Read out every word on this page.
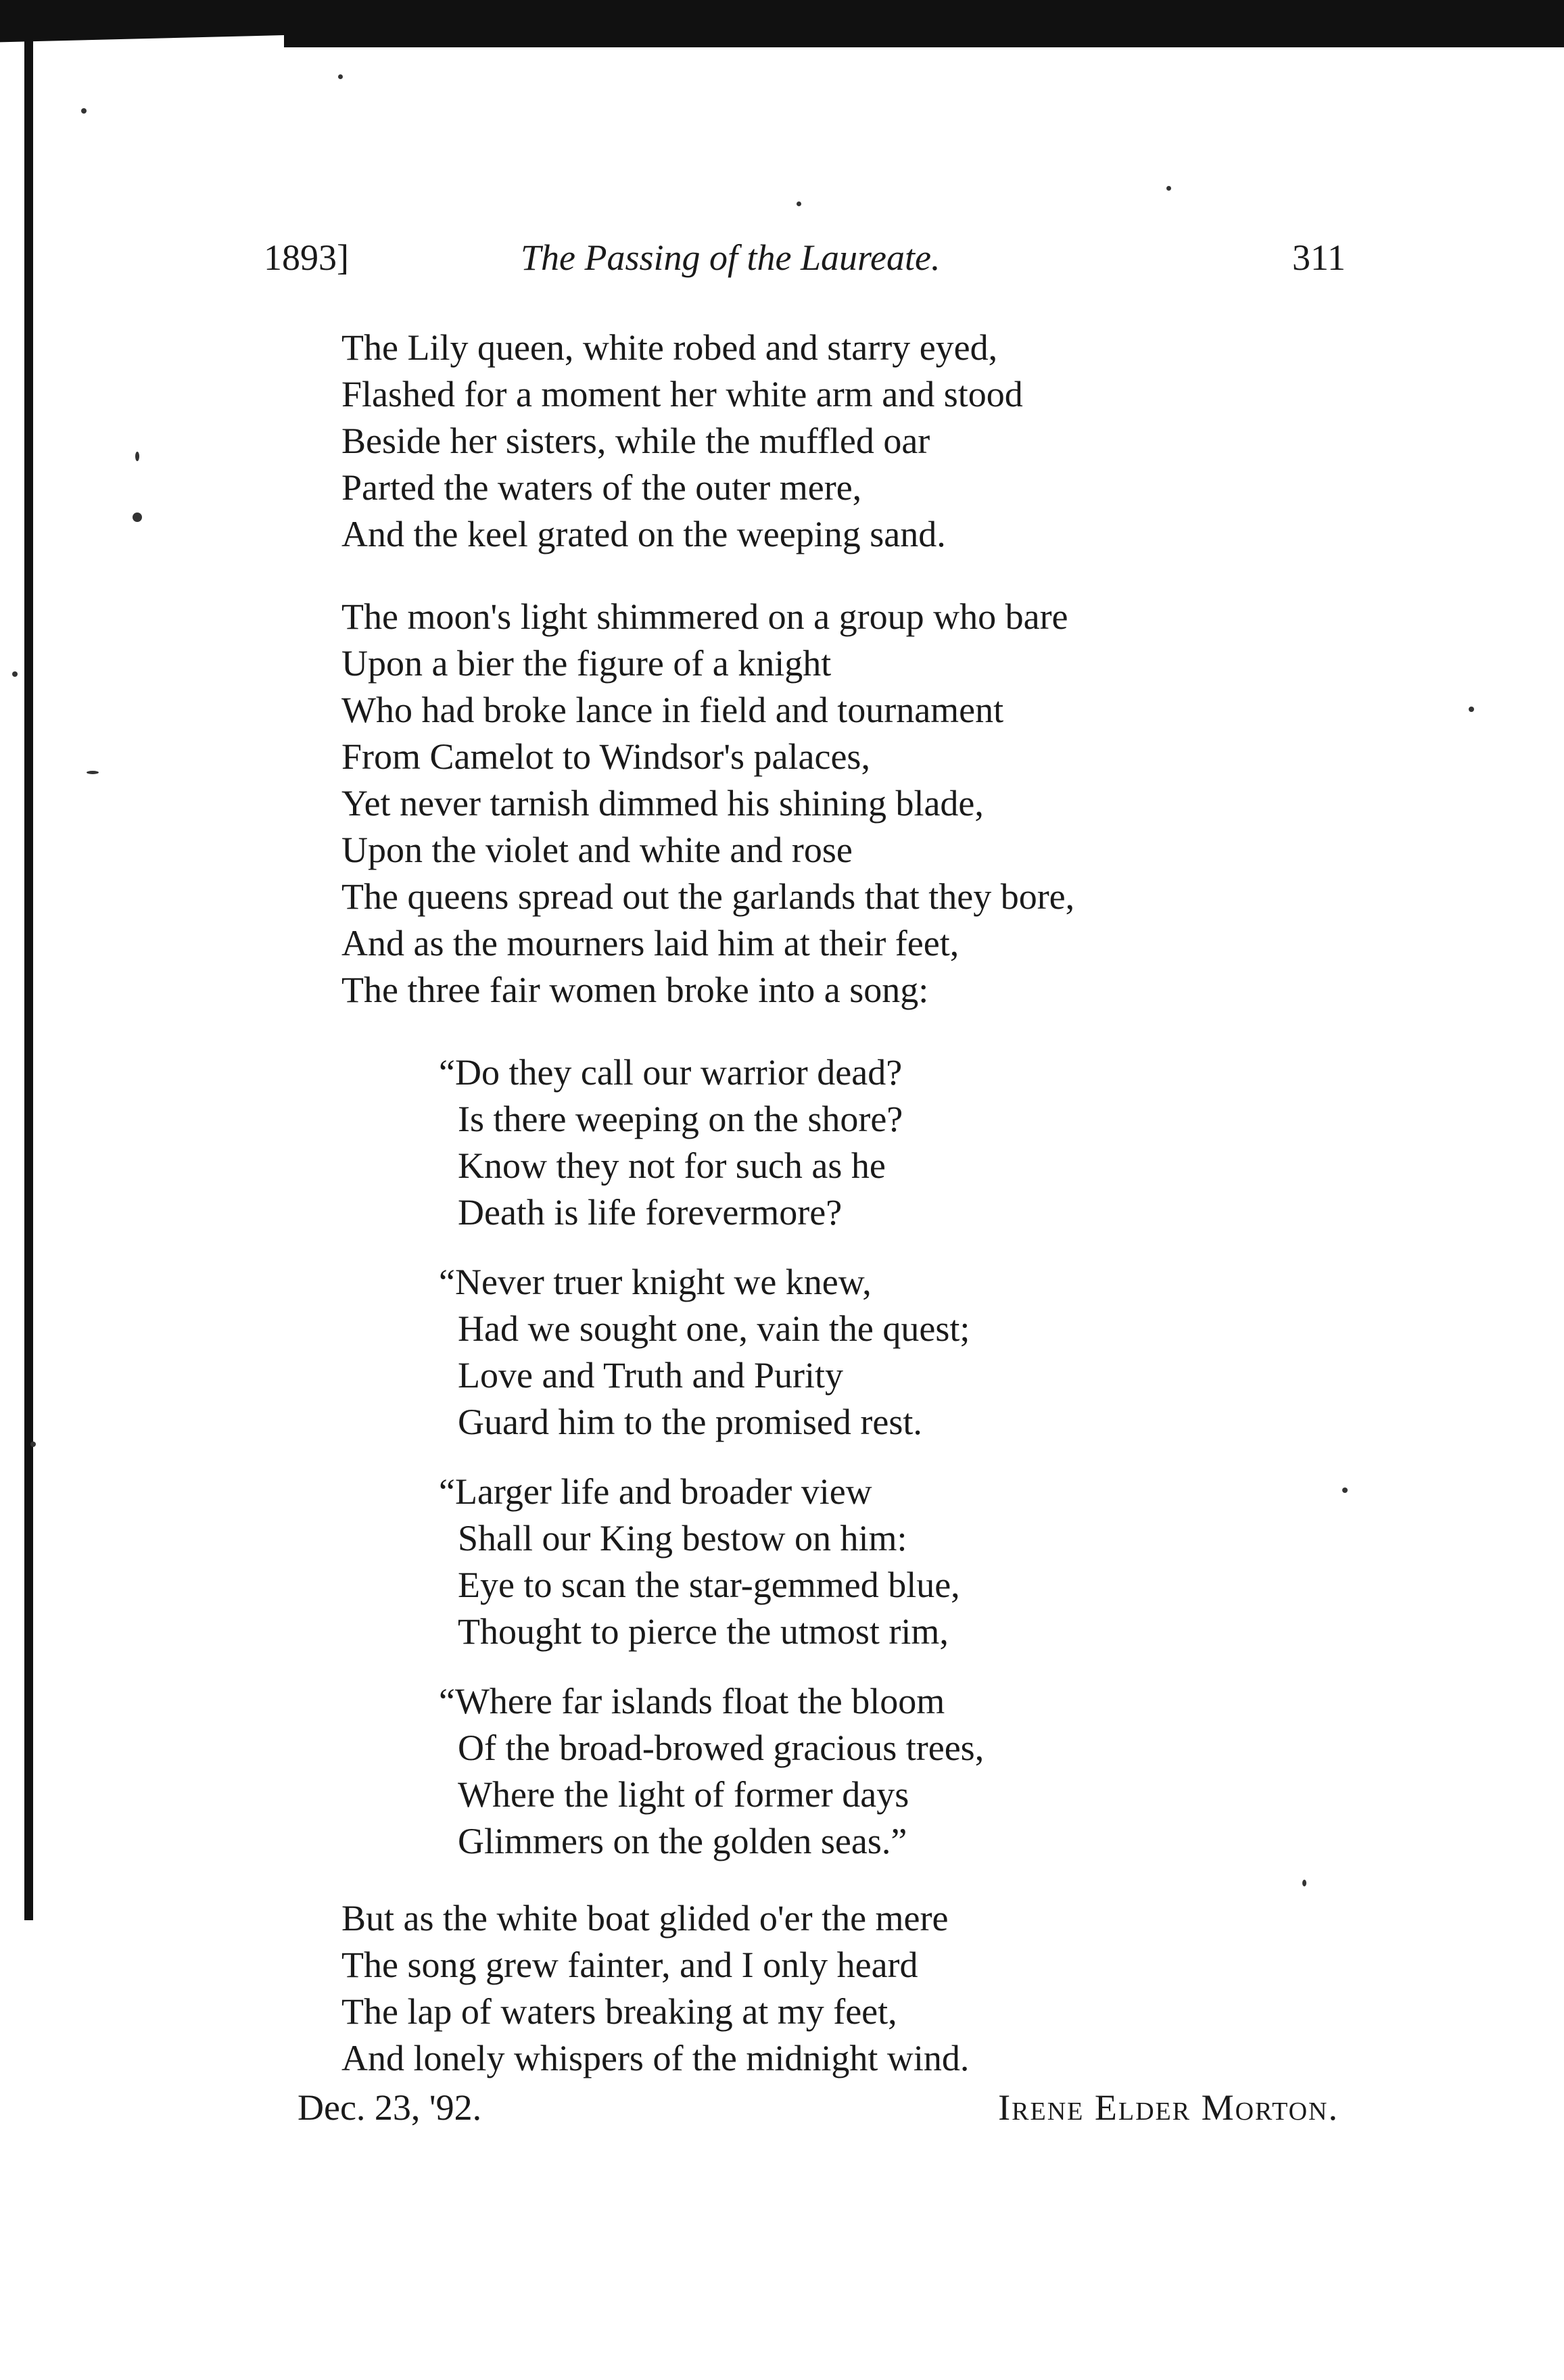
1893]	The Passing of the Laureate.	311
The Lily queen, white robed and starry eyed,
Flashed for a moment her white arm and stood
Beside her sisters, while the muffled oar
Parted the waters of the outer mere,
And the keel grated on the weeping sand.
The moon's light shimmered on a group who bare
Upon a bier the figure of a knight
Who had broke lance in field and tournament
From Camelot to Windsor's palaces,
Yet never tarnish dimmed his shining blade,
Upon the violet and white and rose
The queens spread out the garlands that they bore,
And as the mourners laid him at their feet,
The three fair women broke into a song:
“Do they call our warrior dead?
Is there weeping on the shore?
Know they not for such as he
Death is life forevermore?
“Never truer knight we knew,
Had we sought one, vain the quest;
Love and Truth and Purity
Guard him to the promised rest.
“Larger life and broader view
Shall our King bestow on him:
Eye to scan the star-gemmed blue,
Thought to pierce the utmost rim,
“Where far islands float the bloom
Of the broad-browed gracious trees,
Where the light of former days
Glimmers on the golden seas.”
But as the white boat glided o'er the mere
The song grew fainter, and I only heard
The lap of waters breaking at my feet,
And lonely whispers of the midnight wind.
Dec. 23, '92.	Irene Elder Morton.
